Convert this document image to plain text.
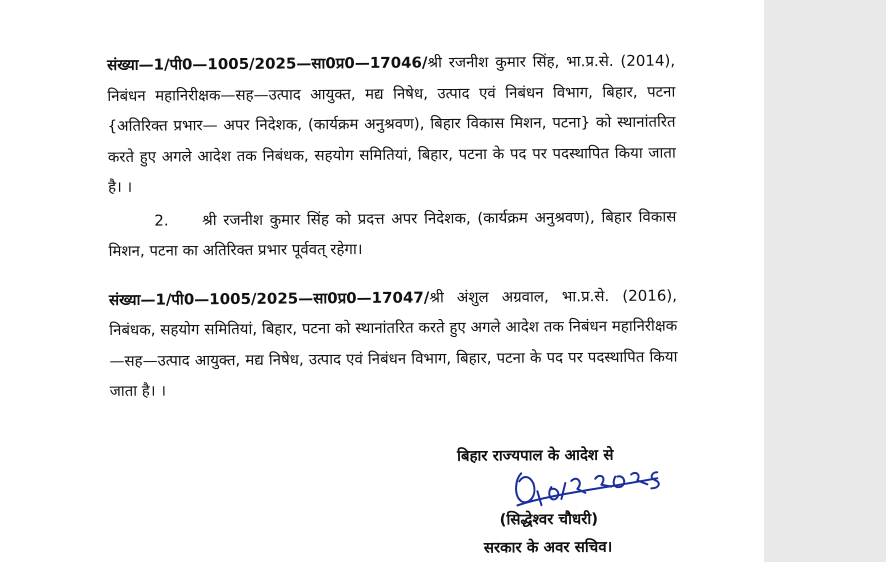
संख्या—1/पी0—1005/2025—सा0प्र0—17046/श्री रजनीश कुमार सिंह, भा.प्र.से. (2014), निबंधन महानिरीक्षक—सह—उत्पाद आयुक्त, मद्य निषेध, उत्पाद एवं निबंधन विभाग, बिहार, पटना {अतिरिक्त प्रभार— अपर निदेशक, (कार्यक्रम अनुश्रवण), बिहार विकास मिशन, पटना} को स्थानांतरित करते हुए अगले आदेश तक निबंधक, सहयोग समितियां, बिहार, पटना के पद पर पदस्थापित किया जाता है। ।

2. श्री रजनीश कुमार सिंह को प्रदत्त अपर निदेशक, (कार्यक्रम अनुश्रवण), बिहार विकास मिशन, पटना का अतिरिक्त प्रभार पूर्ववत् रहेगा।

संख्या—1/पी0—1005/2025—सा0प्र0—17047/श्री अंशुल अग्रवाल, भा.प्र.से. (2016), निबंधक, सहयोग समितियां, बिहार, पटना को स्थानांतरित करते हुए अगले आदेश तक निबंधन महानिरीक्षक—सह—उत्पाद आयुक्त, मद्य निषेध, उत्पाद एवं निबंधन विभाग, बिहार, पटना के पद पर पदस्थापित किया जाता है। ।

बिहार राज्यपाल के आदेश से
(सिद्धेश्वर चौधरी)
सरकार के अवर सचिव।
